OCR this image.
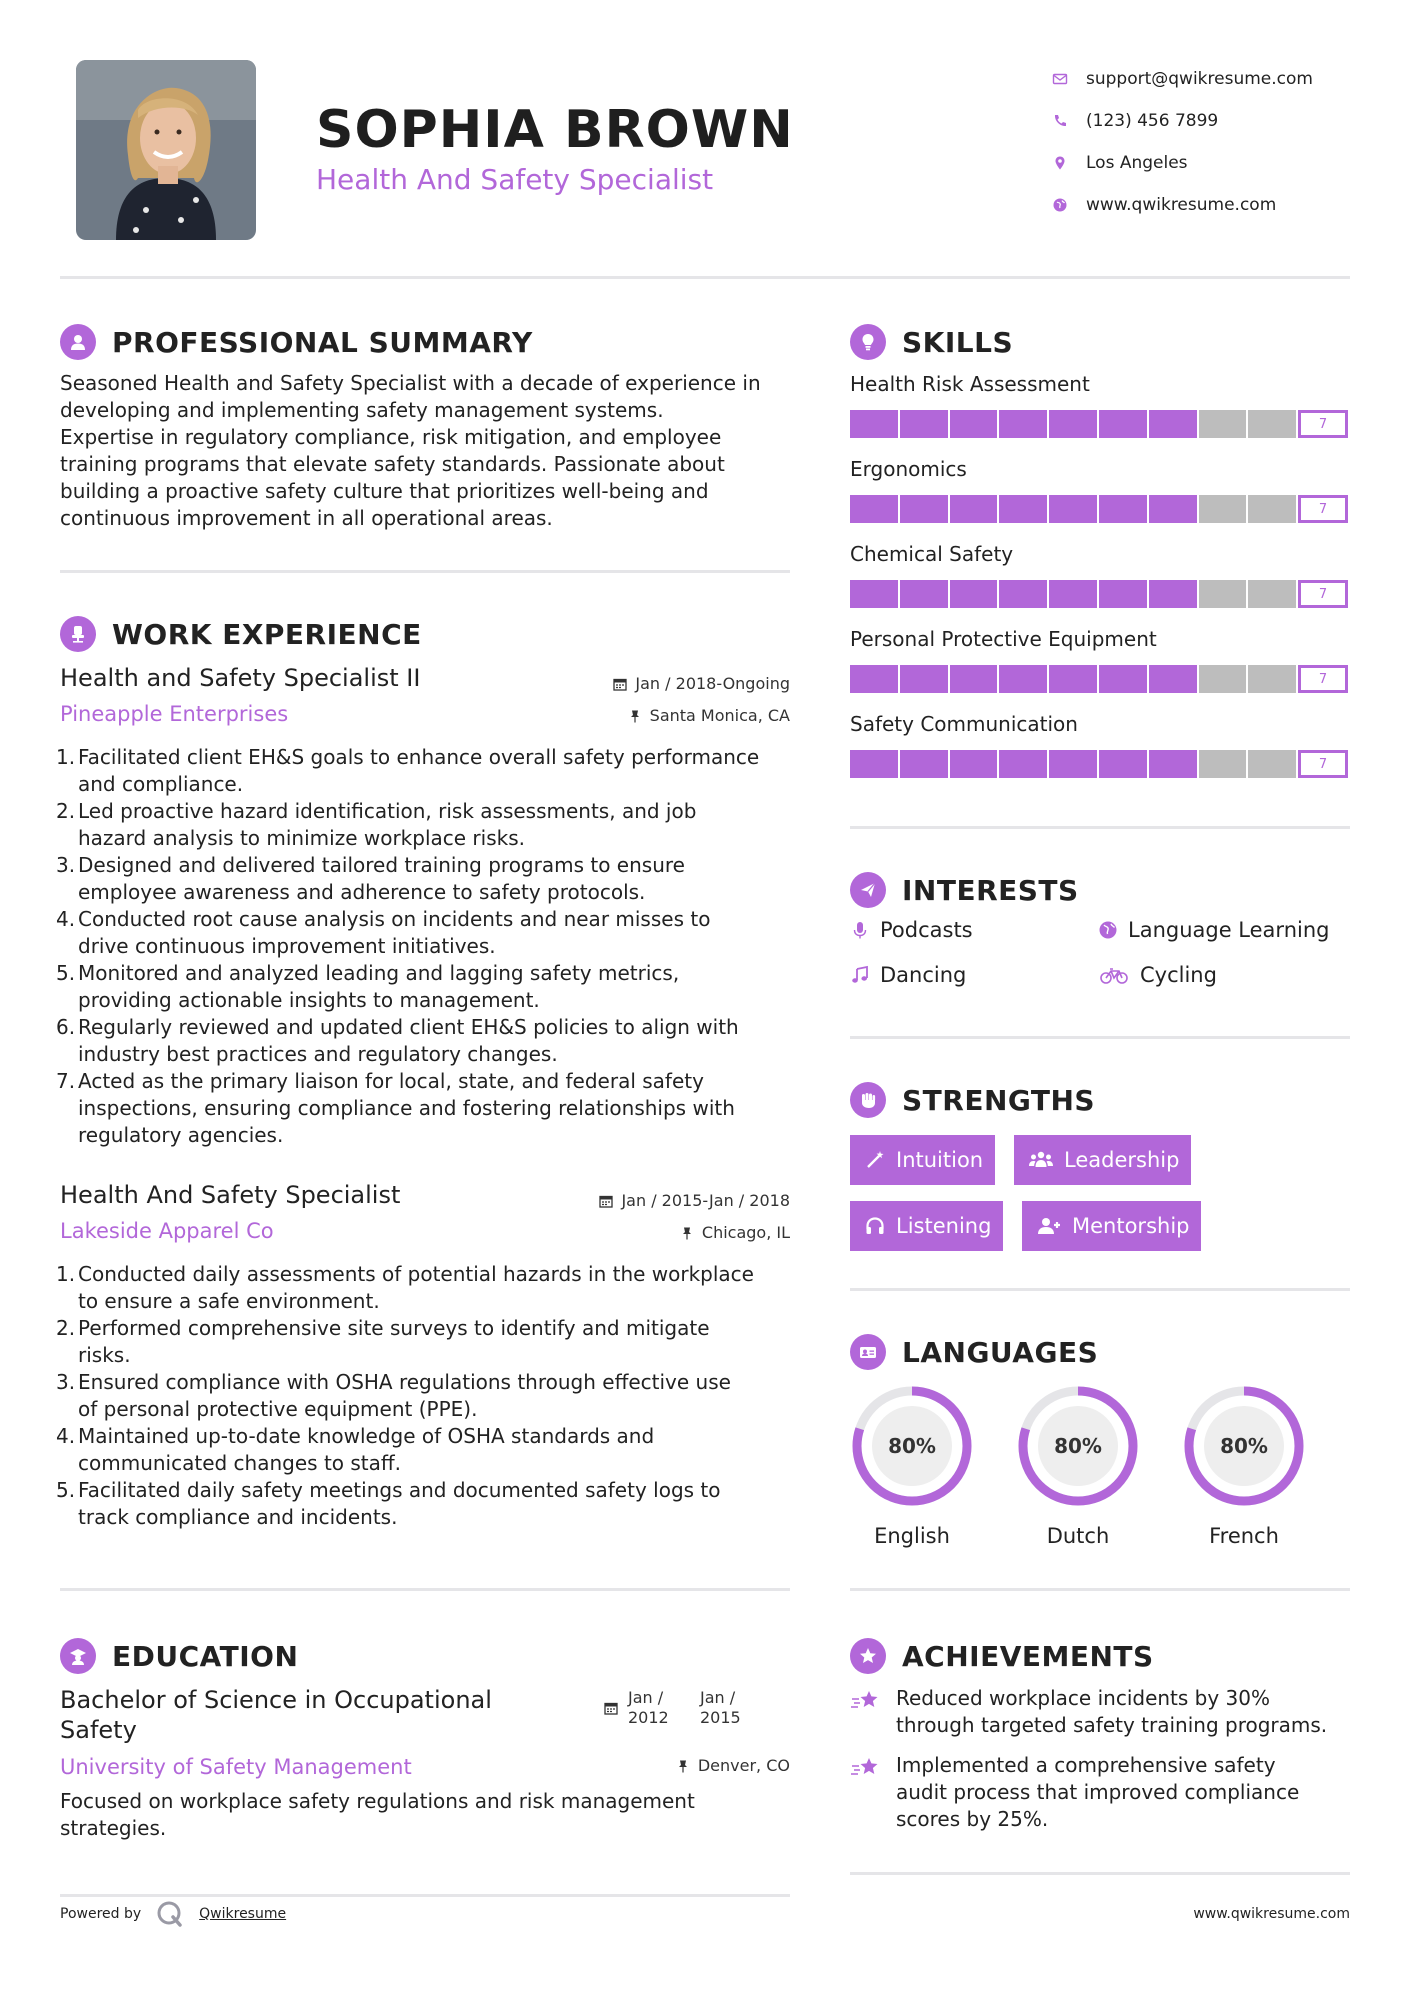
SOPHIA BROWN
Health And Safety Specialist
support@qwikresume.com
(123) 456 7899
Los Angeles
www.qwikresume.com
PROFESSIONAL SUMMARY
Seasoned Health and Safety Specialist with a decade of experience in
developing and implementing safety management systems.
Expertise in regulatory compliance, risk mitigation, and employee
training programs that elevate safety standards. Passionate about
building a proactive safety culture that prioritizes well-being and
continuous improvement in all operational areas.
WORK EXPERIENCE
Health and Safety Specialist II
Pineapple Enterprises
Jan / 2018-Ongoing
Santa Monica, CA
1. Facilitated client EH&S goals to enhance overall safety performance
and compliance.
2. Led proactive hazard identification, risk assessments, and job
hazard analysis to minimize workplace risks.
3. Designed and delivered tailored training programs to ensure
employee awareness and adherence to safety protocols.
4. Conducted root cause analysis on incidents and near misses to
drive continuous improvement initiatives.
5. Monitored and analyzed leading and lagging safety metrics,
providing actionable insights to management.
6. Regularly reviewed and updated client EH&S policies to align with
industry best practices and regulatory changes.
7. Acted as the primary liaison for local, state, and federal safety
inspections, ensuring compliance and fostering relationships with
regulatory agencies.
Health And Safety Specialist
Lakeside Apparel Co
Jan / 2015-Jan / 2018
Chicago, IL
1. Conducted daily assessments of potential hazards in the workplace
to ensure a safe environment.
2. Performed comprehensive site surveys to identify and mitigate
risks.
3. Ensured compliance with OSHA regulations through effective use
of personal protective equipment (PPE).
4. Maintained up-to-date knowledge of OSHA standards and
communicated changes to staff.
5. Facilitated daily safety meetings and documented safety logs to
track compliance and incidents.
EDUCATION
Bachelor of Science in Occupational
Safety
University of Safety Management
Jan /
2012
Jan /
2015
Denver, CO
Focused on workplace safety regulations and risk management
strategies.
SKILLS
Health Risk Assessment
7
Ergonomics
7
Chemical Safety
7
Personal Protective Equipment
7
Safety Communication
7
INTERESTS
Podcasts	Language Learning
Dancing	Cycling
STRENGTHS
Intuition	Leadership
Listening	Mentorship
LANGUAGES
80%
English
80%
Dutch
80%
French
ACHIEVEMENTS
Reduced workplace incidents by 30%
through targeted safety training programs.
Implemented a comprehensive safety
audit process that improved compliance
scores by 25%.
Powered by	Qwikresume	www.qwikresume.com
